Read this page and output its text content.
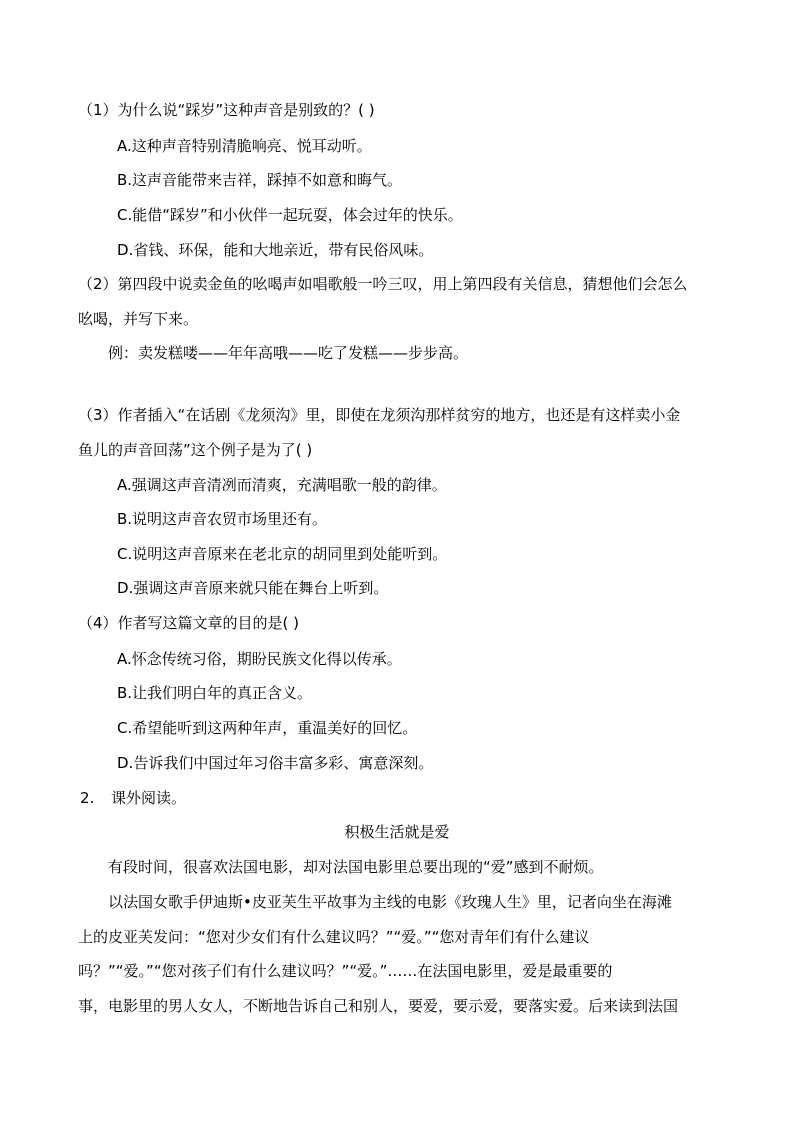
（1）为什么说“踩岁”这种声音是别致的？( )
A.这种声音特别清脆响亮、悦耳动听。
B.这声音能带来吉祥，踩掉不如意和晦气。
C.能借“踩岁”和小伙伴一起玩耍，体会过年的快乐。
D.省钱、环保，能和大地亲近，带有民俗风味。
（2）第四段中说卖金鱼的吆喝声如唱歌般一吟三叹，用上第四段有关信息，猜想他们会怎么
吆喝，并写下来。
例：卖发糕喽——年年高哦——吃了发糕——步步高。
（3）作者插入“在话剧《龙须沟》里，即使在龙须沟那样贫穷的地方，也还是有这样卖小金
鱼儿的声音回荡”这个例子是为了( )
A.强调这声音清冽而清爽，充满唱歌一般的韵律。
B.说明这声音农贸市场里还有。
C.说明这声音原来在老北京的胡同里到处能听到。
D.强调这声音原来就只能在舞台上听到。
（4）作者写这篇文章的目的是( )
A.怀念传统习俗，期盼民族文化得以传承。
B.让我们明白年的真正含义。
C.希望能听到这两种年声，重温美好的回忆。
D.告诉我们中国过年习俗丰富多彩、寓意深刻。
2. 课外阅读。
积极生活就是爱
有段时间，很喜欢法国电影，却对法国电影里总要出现的“爱”感到不耐烦。
以法国女歌手伊迪斯•皮亚芙生平故事为主线的电影《玫瑰人生》里，记者向坐在海滩
上的皮亚芙发问：“您对少女们有什么建议吗？”“爱。”“您对青年们有什么建议
吗？”“爱。”“您对孩子们有什么建议吗？”“爱。”……在法国电影里，爱是最重要的
事，电影里的男人女人，不断地告诉自己和别人，要爱，要示爱，要落实爱。后来读到法国
